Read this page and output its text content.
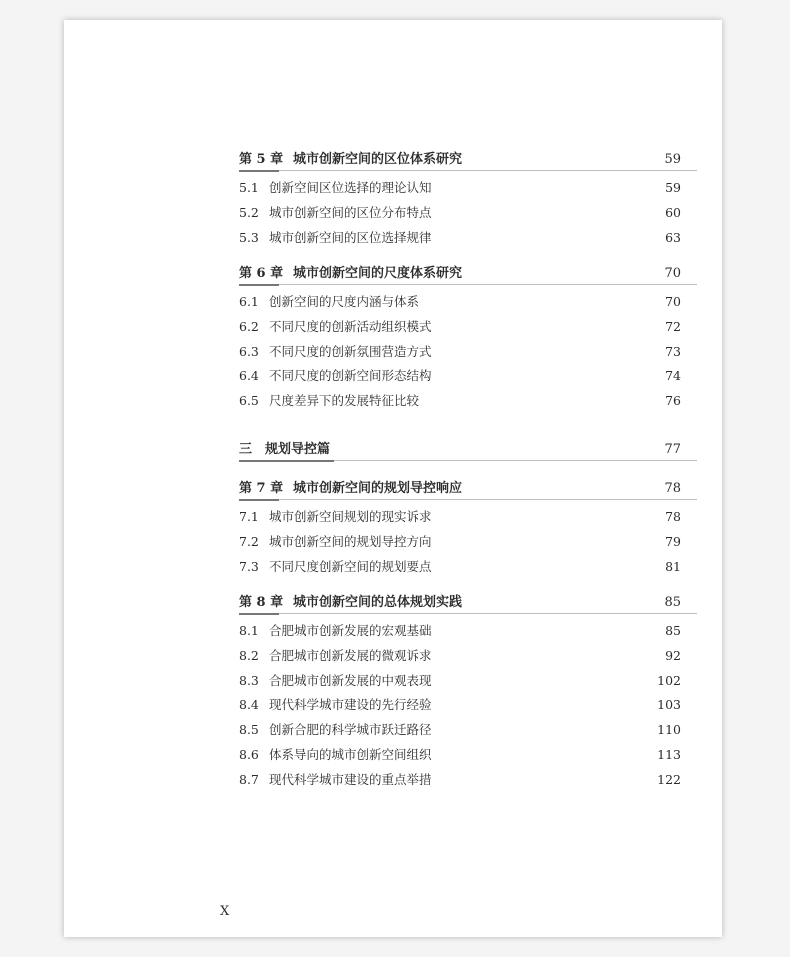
第 5 章 城市创新空间的区位体系研究	59
5.1 创新空间区位选择的理论认知	59
5.2 城市创新空间的区位分布特点	60
5.3 城市创新空间的区位选择规律	63
第 6 章 城市创新空间的尺度体系研究	70
6.1 创新空间的尺度内涵与体系	70
6.2 不同尺度的创新活动组织模式	72
6.3 不同尺度的创新氛围营造方式	73
6.4 不同尺度的创新空间形态结构	74
6.5 尺度差异下的发展特征比较	76
三 规划导控篇	77
第 7 章 城市创新空间的规划导控响应	78
7.1 城市创新空间规划的现实诉求	78
7.2 城市创新空间的规划导控方向	79
7.3 不同尺度创新空间的规划要点	81
第 8 章 城市创新空间的总体规划实践	85
8.1 合肥城市创新发展的宏观基础	85
8.2 合肥城市创新发展的微观诉求	92
8.3 合肥城市创新发展的中观表现	102
8.4 现代科学城市建设的先行经验	103
8.5 创新合肥的科学城市跃迁路径	110
8.6 体系导向的城市创新空间组织	113
8.7 现代科学城市建设的重点举措	122
X
